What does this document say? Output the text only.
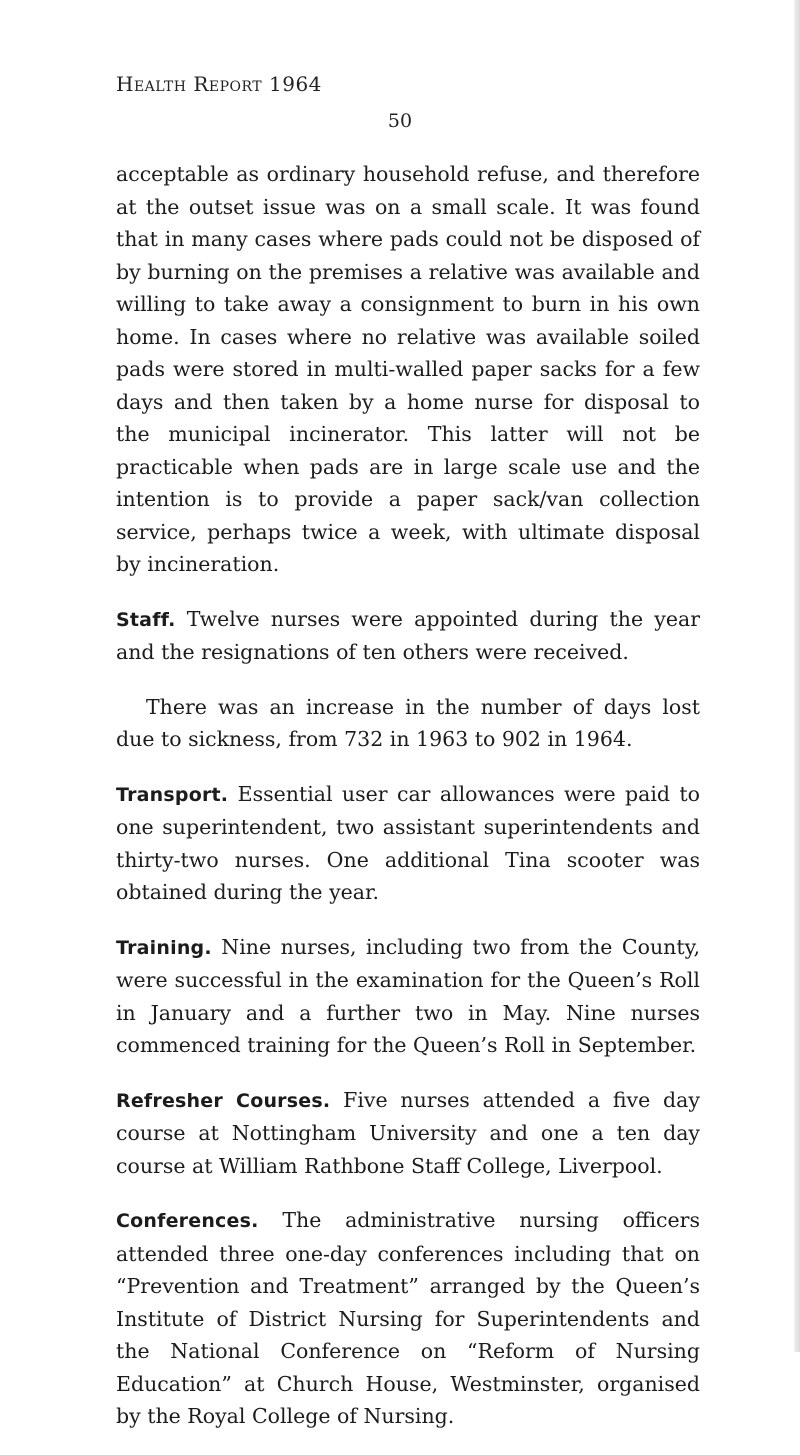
Health Report 1964
50

acceptable as ordinary household refuse, and therefore at the outset issue was on a small scale. It was found that in many cases where pads could not be disposed of by burning on the premises a relative was available and willing to take away a consignment to burn in his own home. In cases where no relative was available soiled pads were stored in multi-walled paper sacks for a few days and then taken by a home nurse for disposal to the municipal incinerator. This latter will not be practicable when pads are in large scale use and the intention is to provide a paper sack/van collection service, perhaps twice a week, with ultimate disposal by incineration.

Staff. Twelve nurses were appointed during the year and the resignations of ten others were received.

There was an increase in the number of days lost due to sickness, from 732 in 1963 to 902 in 1964.

Transport. Essential user car allowances were paid to one superintendent, two assistant superintendents and thirty-two nurses. One additional Tina scooter was obtained during the year.

Training. Nine nurses, including two from the County, were successful in the examination for the Queen’s Roll in January and a further two in May. Nine nurses commenced training for the Queen’s Roll in September.

Refresher Courses. Five nurses attended a five day course at Nottingham University and one a ten day course at William Rathbone Staff College, Liverpool.

Conferences. The administrative nursing officers attended three one-day conferences including that on “Prevention and Treatment” arranged by the Queen’s Institute of District Nursing for Superintendents and the National Conference on “Reform of Nursing Education” at Church House, Westminster, organised by the Royal College of Nursing.
